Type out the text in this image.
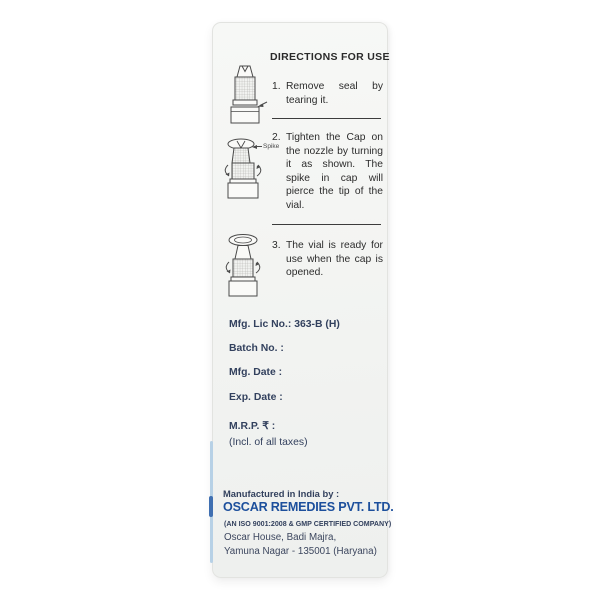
DIRECTIONS FOR USE
1. Remove seal by tearing it.
Spike
2. Tighten the Cap on the nozzle by turning it as shown. The spike in cap will pierce the tip of the vial.
3. The vial is ready for use when the cap is opened.
Mfg. Lic No.: 363-B (H)
Batch No. :
Mfg. Date :
Exp. Date :
M.R.P. ₹ :
(Incl. of all taxes)
Manufactured in India by :
OSCAR REMEDIES PVT. LTD.
(AN ISO 9001:2008 & GMP CERTIFIED COMPANY)
Oscar House, Badi Majra,
Yamuna Nagar - 135001 (Haryana)
